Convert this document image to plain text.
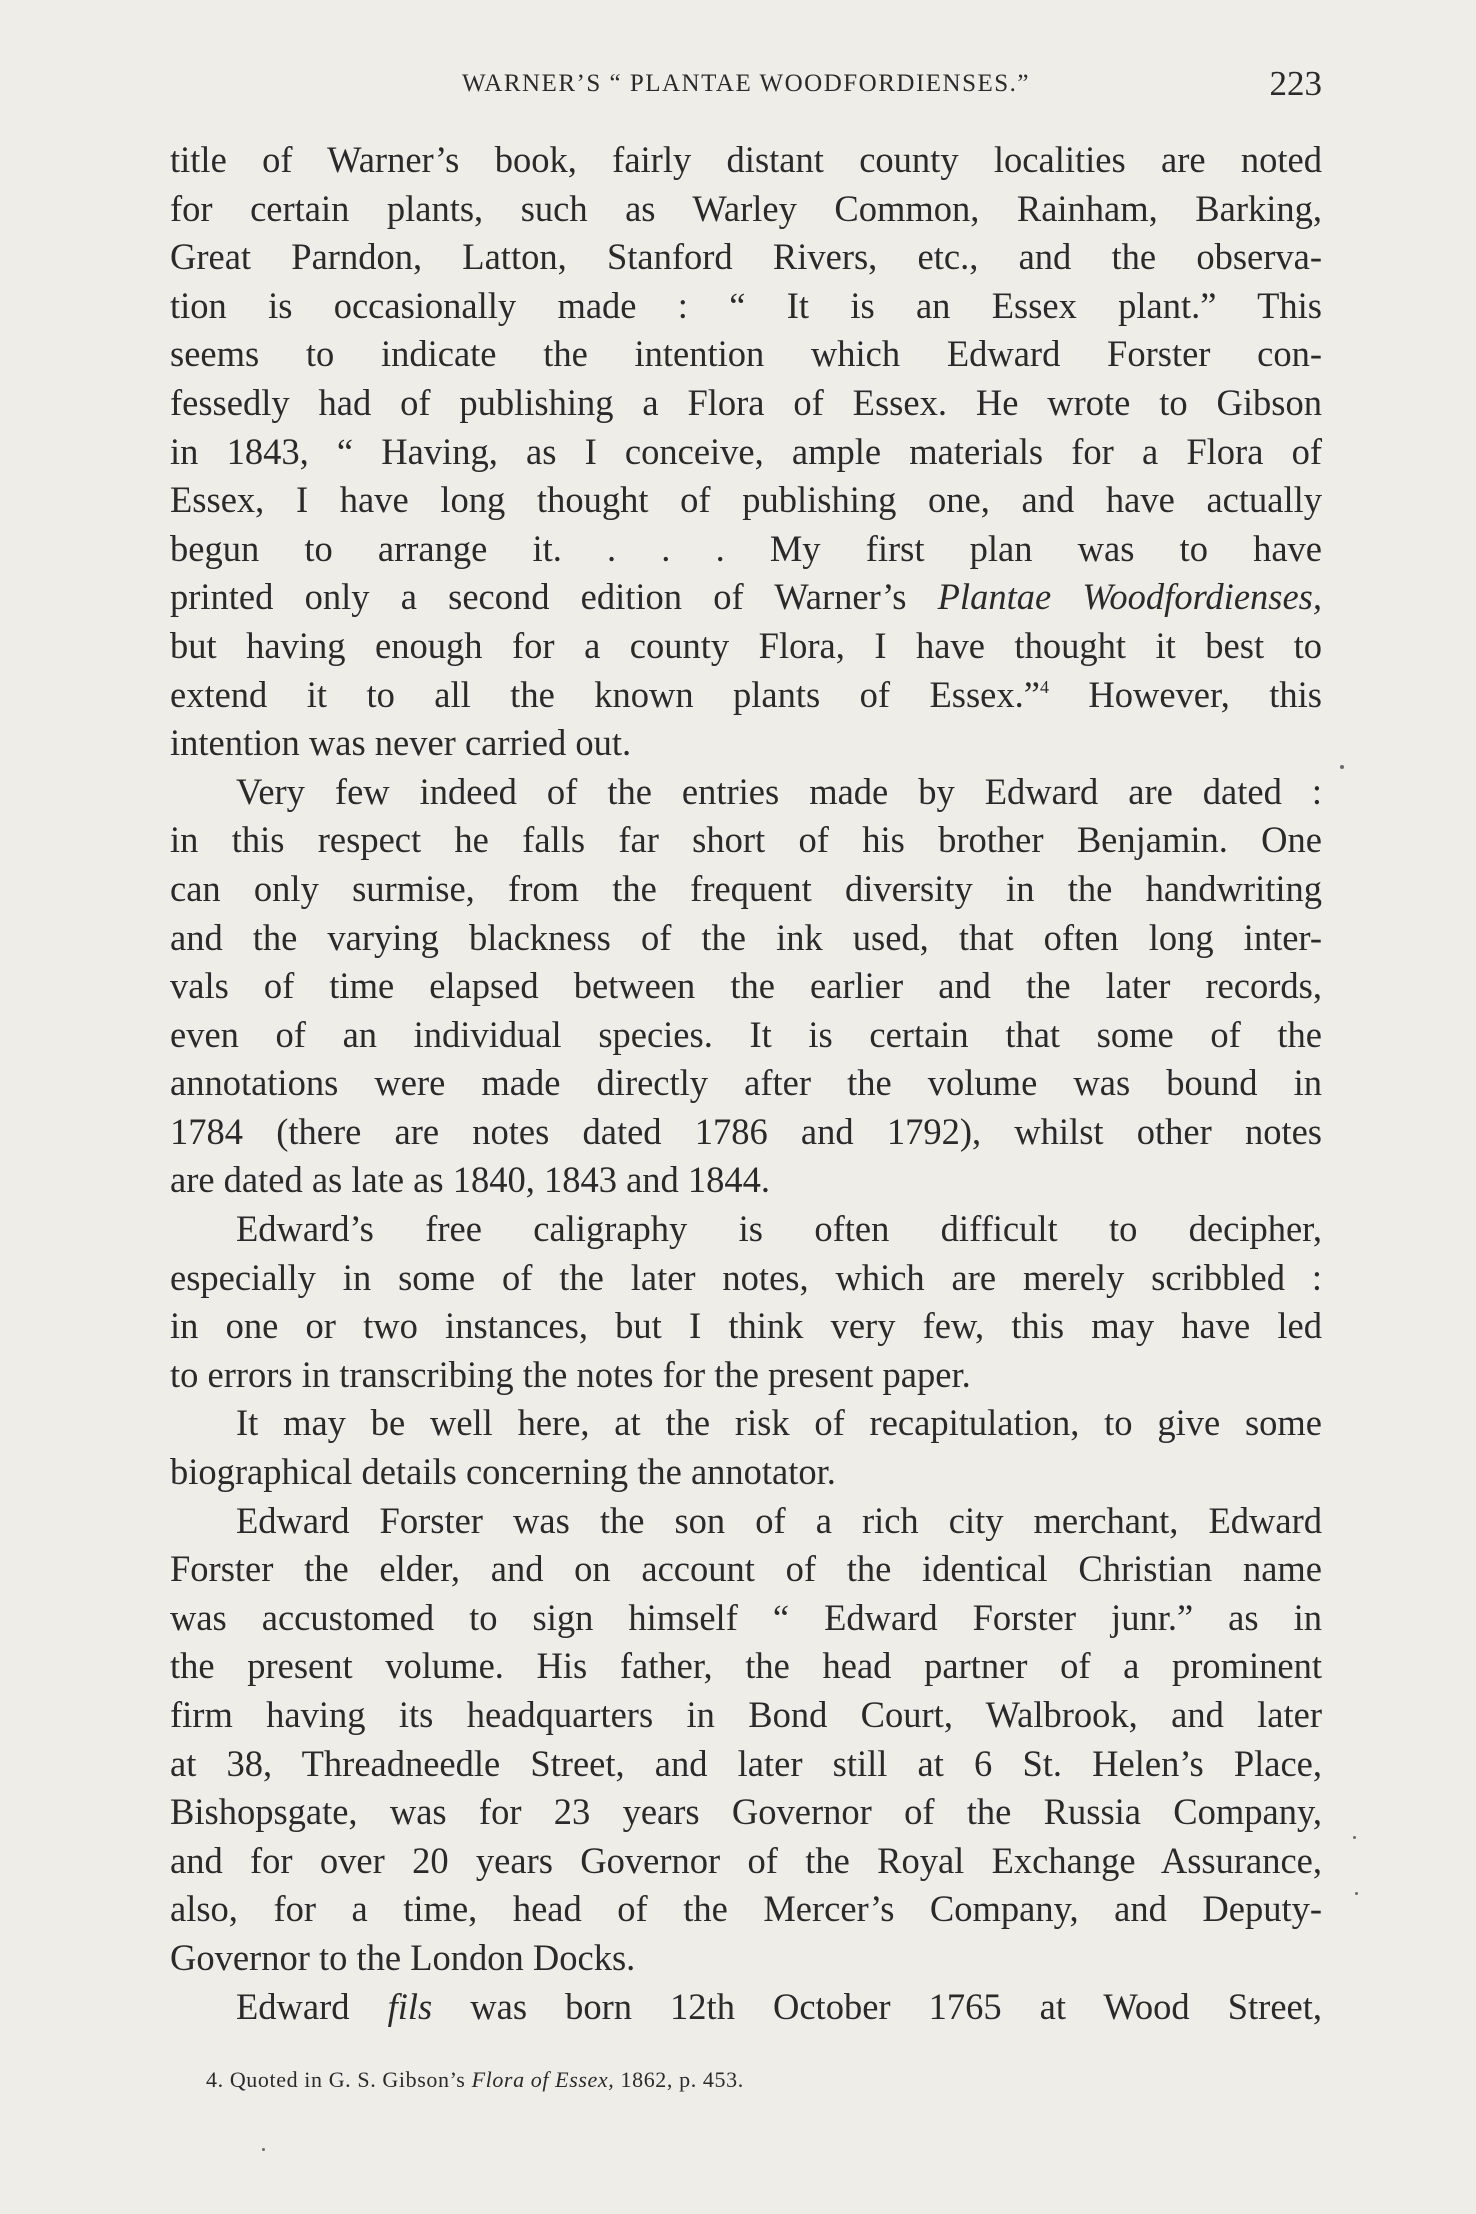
WARNER’S “ PLANTAE WOODFORDIENSES.”	223
title of Warner’s book, fairly distant county localities are noted
for certain plants, such as Warley Common, Rainham, Barking,
Great Parndon, Latton, Stanford Rivers, etc., and the observa-
tion is occasionally made : “ It is an Essex plant.” This
seems to indicate the intention which Edward Forster con-
fessedly had of publishing a Flora of Essex. He wrote to Gibson
in 1843, “ Having, as I conceive, ample materials for a Flora of
Essex, I have long thought of publishing one, and have actually
begun to arrange it. . . . My first plan was to have
printed only a second edition of Warner’s Plantae Woodfordienses,
but having enough for a county Flora, I have thought it best to
extend it to all the known plants of Essex.”$^4$ However, this
intention was never carried out.
Very few indeed of the entries made by Edward are dated :
in this respect he falls far short of his brother Benjamin. One
can only surmise, from the frequent diversity in the handwriting
and the varying blackness of the ink used, that often long inter-
vals of time elapsed between the earlier and the later records,
even of an individual species. It is certain that some of the
annotations were made directly after the volume was bound in
1784 (there are notes dated 1786 and 1792), whilst other notes
are dated as late as 1840, 1843 and 1844.
Edward’s free caligraphy is often difficult to decipher,
especially in some of the later notes, which are merely scribbled :
in one or two instances, but I think very few, this may have led
to errors in transcribing the notes for the present paper.
It may be well here, at the risk of recapitulation, to give some
biographical details concerning the annotator.
Edward Forster was the son of a rich city merchant, Edward
Forster the elder, and on account of the identical Christian name
was accustomed to sign himself “ Edward Forster junr.” as in
the present volume. His father, the head partner of a prominent
firm having its headquarters in Bond Court, Walbrook, and later
at 38, Threadneedle Street, and later still at 6 St. Helen’s Place,
Bishopsgate, was for 23 years Governor of the Russia Company,
and for over 20 years Governor of the Royal Exchange Assurance,
also, for a time, head of the Mercer’s Company, and Deputy-
Governor to the London Docks.
Edward fils was born 12th October 1765 at Wood Street,
4. Quoted in G. S. Gibson’s Flora of Essex, 1862, p. 453.
